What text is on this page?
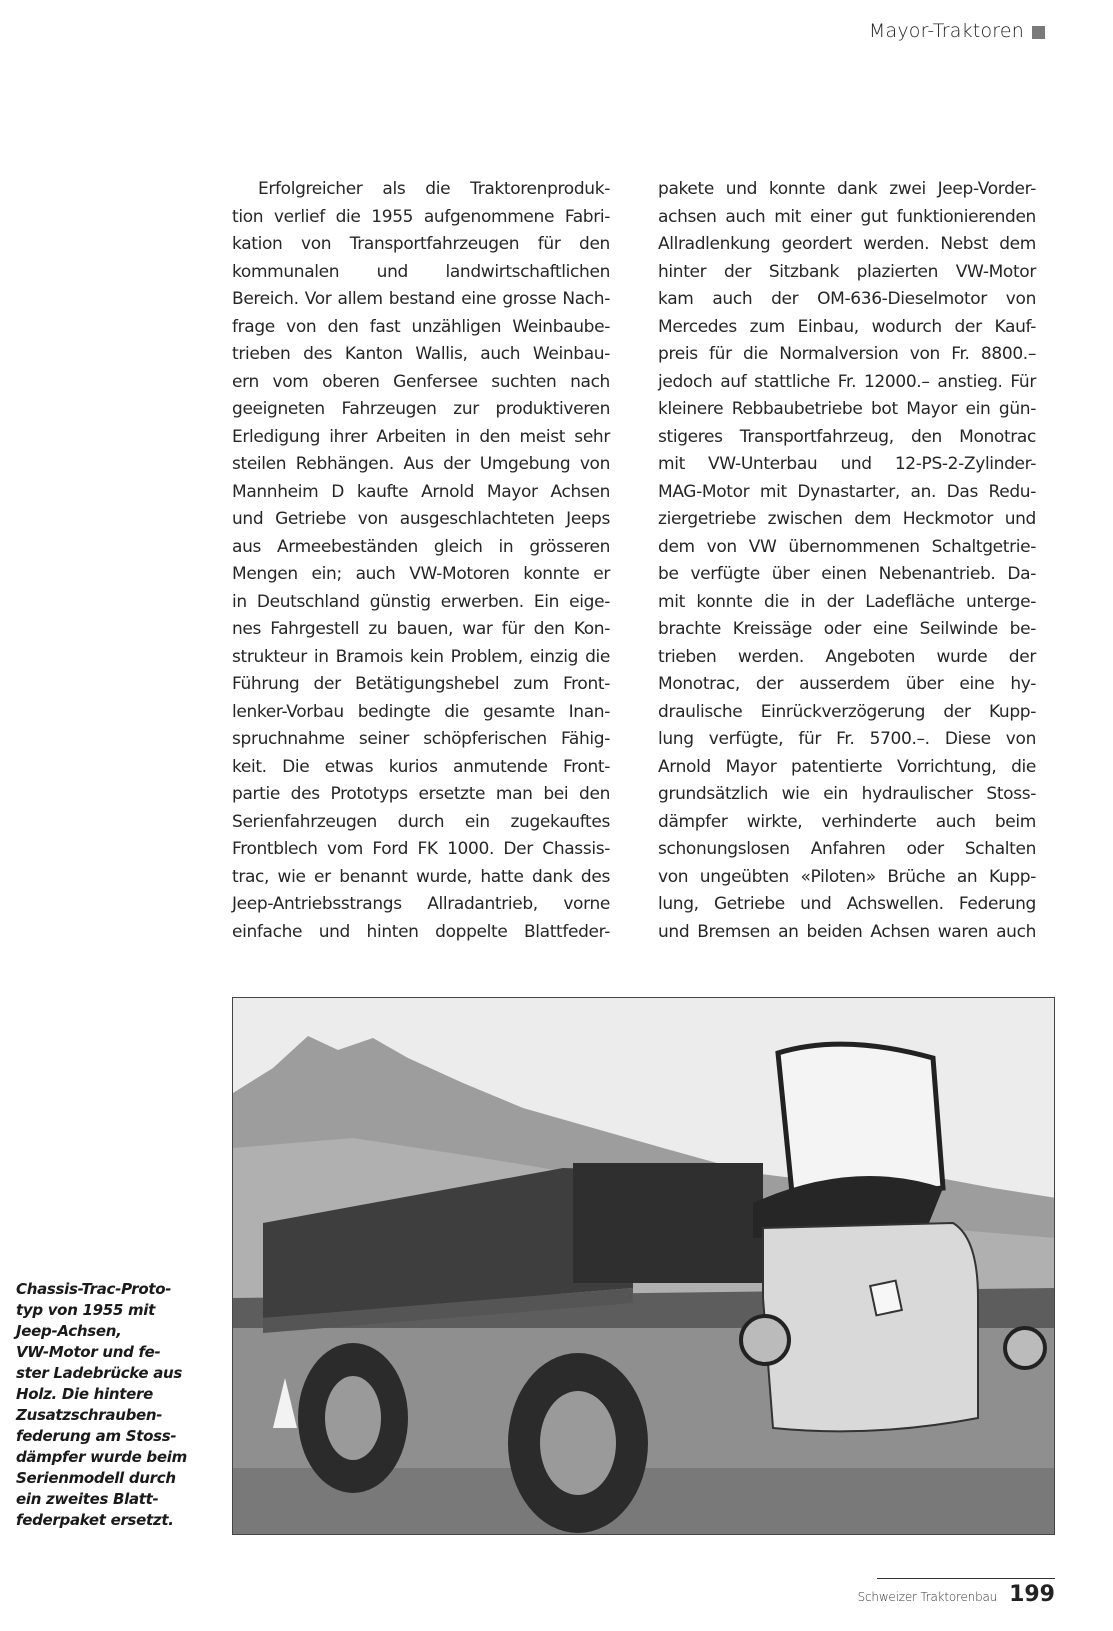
Mayor-Traktoren
Erfolgreicher als die Traktorenproduk-
tion verlief die 1955 aufgenommene Fabri-
kation von Transportfahrzeugen für den
kommunalen und landwirtschaftlichen
Bereich. Vor allem bestand eine grosse Nach-
frage von den fast unzähligen Weinbaube-
trieben des Kanton Wallis, auch Weinbau-
ern vom oberen Genfersee suchten nach
geeigneten Fahrzeugen zur produktiveren
Erledigung ihrer Arbeiten in den meist sehr
steilen Rebhängen. Aus der Umgebung von
Mannheim D kaufte Arnold Mayor Achsen
und Getriebe von ausgeschlachteten Jeeps
aus Armeebeständen gleich in grösseren
Mengen ein; auch VW-Motoren konnte er
in Deutschland günstig erwerben. Ein eige-
nes Fahrgestell zu bauen, war für den Kon-
strukteur in Bramois kein Problem, einzig die
Führung der Betätigungshebel zum Front-
lenker-Vorbau bedingte die gesamte Inan-
spruchnahme seiner schöpferischen Fähig-
keit. Die etwas kurios anmutende Front-
partie des Prototyps ersetzte man bei den
Serienfahrzeugen durch ein zugekauftes
Frontblech vom Ford FK 1000. Der Chassis-
trac, wie er benannt wurde, hatte dank des
Jeep-Antriebsstrangs Allradantrieb, vorne
einfache und hinten doppelte Blattfeder-
pakete und konnte dank zwei Jeep-Vorder-
achsen auch mit einer gut funktionierenden
Allradlenkung geordert werden. Nebst dem
hinter der Sitzbank plazierten VW-Motor
kam auch der OM-636-Dieselmotor von
Mercedes zum Einbau, wodurch der Kauf-
preis für die Normalversion von Fr. 8800.–
jedoch auf stattliche Fr. 12000.– anstieg. Für
kleinere Rebbaubetriebe bot Mayor ein gün-
stigeres Transportfahrzeug, den Monotrac
mit VW-Unterbau und 12-PS-2-Zylinder-
MAG-Motor mit Dynastarter, an. Das Redu-
ziergetriebe zwischen dem Heckmotor und
dem von VW übernommenen Schaltgetrie-
be verfügte über einen Nebenantrieb. Da-
mit konnte die in der Ladefläche unterge-
brachte Kreissäge oder eine Seilwinde be-
trieben werden. Angeboten wurde der
Monotrac, der ausserdem über eine hy-
draulische Einrückverzögerung der Kupp-
lung verfügte, für Fr. 5700.–. Diese von
Arnold Mayor patentierte Vorrichtung, die
grundsätzlich wie ein hydraulischer Stoss-
dämpfer wirkte, verhinderte auch beim
schonungslosen Anfahren oder Schalten
von ungeübten «Piloten» Brüche an Kupp-
lung, Getriebe und Achswellen. Federung
und Bremsen an beiden Achsen waren auch
Chassis-Trac-Proto-
typ von 1955 mit
Jeep-Achsen,
VW-Motor und fe-
ster Ladebrücke aus
Holz. Die hintere
Zusatzschrauben-
federung am Stoss-
dämpfer wurde beim
Serienmodell durch
ein zweites Blatt-
federpaket ersetzt.
Schweizer Traktorenbau 199
